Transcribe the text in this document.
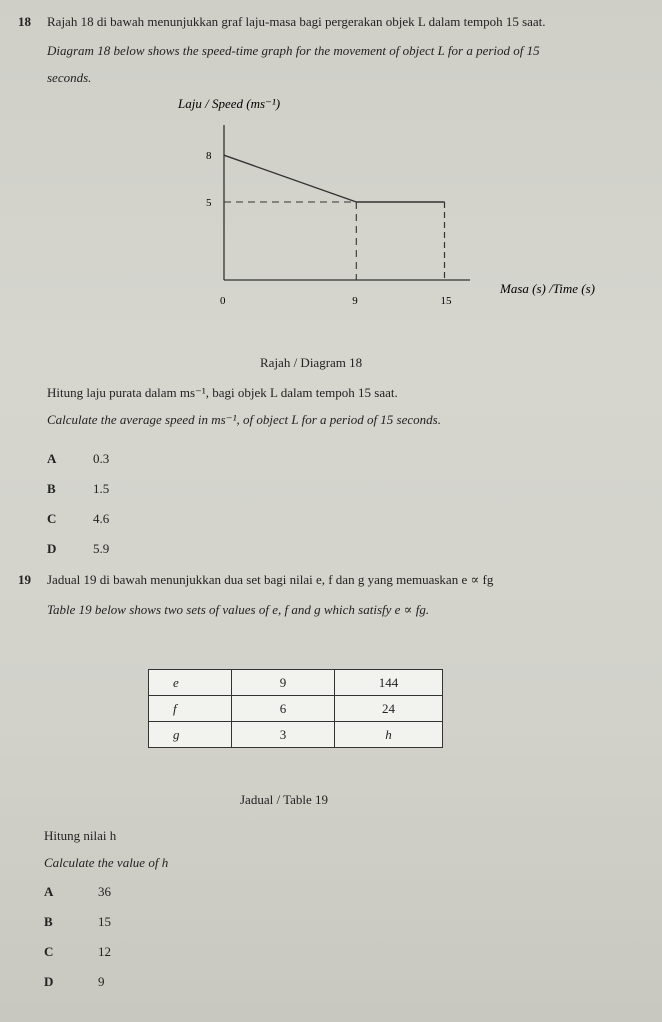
18 Rajah 18 di bawah menunjukkan graf laju-masa bagi pergerakan objek L dalam tempoh 15 saat.
Diagram 18 below shows the speed-time graph for the movement of object L for a period of 15
seconds.
Laju / Speed (ms⁻¹)
Masa (s) /Time (s)
8
5
0	9	15
Rajah / Diagram 18
Hitung laju purata dalam ms⁻¹, bagi objek L dalam tempoh 15 saat.
Calculate the average speed in ms⁻¹, of object L for a period of 15 seconds.
A	0.3
B	1.5
C	4.6
D	5.9
19 Jadual 19 di bawah menunjukkan dua set bagi nilai e, f dan g yang memuaskan e ∝ fg
Table 19 below shows two sets of values of e, f and g which satisfy e ∝ fg.
e	9	144
f	6	24
g	3	h
Jadual / Table 19
Hitung nilai h
Calculate the value of h
A	36
B	15
C	12
D	9
